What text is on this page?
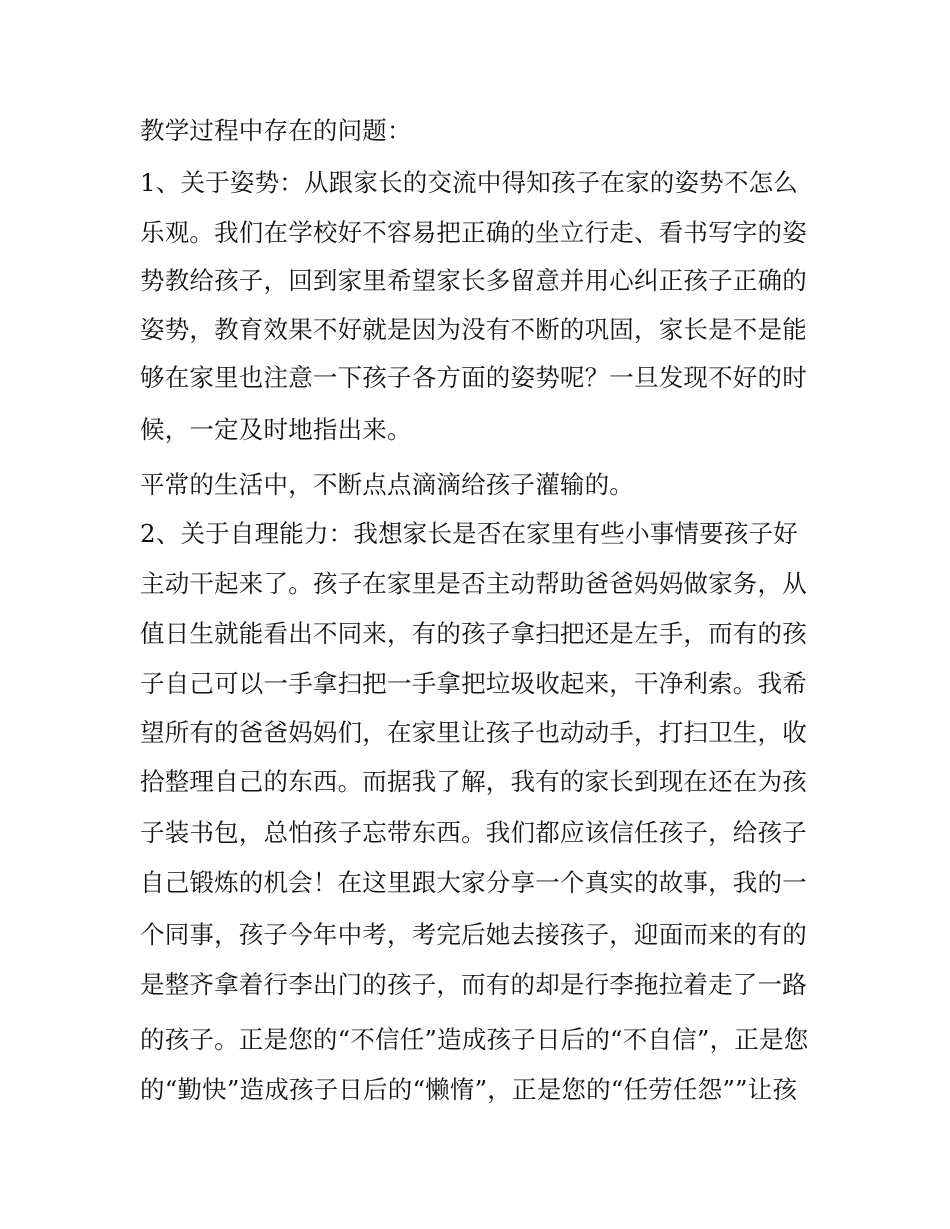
教学过程中存在的问题：
1、关于姿势：从跟家长的交流中得知孩子在家的姿势不怎么
乐观。我们在学校好不容易把正确的坐立行走、看书写字的姿
势教给孩子，回到家里希望家长多留意并用心纠正孩子正确的
姿势，教育效果不好就是因为没有不断的巩固，家长是不是能
够在家里也注意一下孩子各方面的姿势呢？一旦发现不好的时
候，一定及时地指出来。
平常的生活中，不断点点滴滴给孩子灌输的。
2、关于自理能力：我想家长是否在家里有些小事情要孩子好
主动干起来了。孩子在家里是否主动帮助爸爸妈妈做家务，从
值日生就能看出不同来，有的孩子拿扫把还是左手，而有的孩
子自己可以一手拿扫把一手拿把垃圾收起来，干净利索。我希
望所有的爸爸妈妈们，在家里让孩子也动动手，打扫卫生，收
拾整理自己的东西。而据我了解，我有的家长到现在还在为孩
子装书包，总怕孩子忘带东西。我们都应该信任孩子，给孩子
自己锻炼的机会！在这里跟大家分享一个真实的故事，我的一
个同事，孩子今年中考，考完后她去接孩子，迎面而来的有的
是整齐拿着行李出门的孩子，而有的却是行李拖拉着走了一路
的孩子。正是您的“不信任”造成孩子日后的“不自信”，正是您
的“勤快”造成孩子日后的“懒惰”，正是您的“任劳任怨””让孩
